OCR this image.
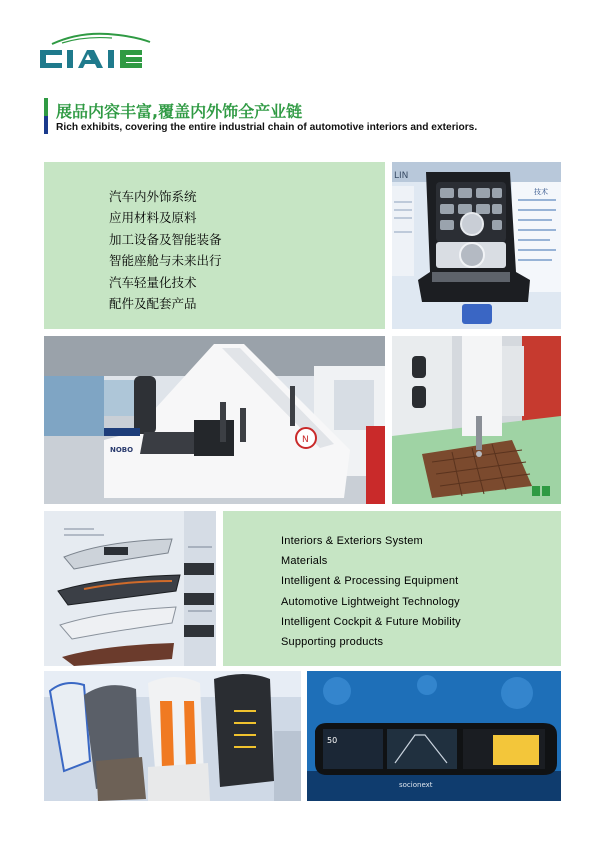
展品内容丰富,覆盖内外饰全产业链
Rich exhibits, covering the entire industrial chain of automotive interiors and exteriors.
汽车内外饰系统
应用材料及原料
加工设备及智能装备
智能座舱与未来出行
汽车轻量化技术
配件及配套产品
LIN
技术
N
NOBO
Interiors & Exteriors System
Materials
Intelligent & Processing Equipment
Automotive Lightweight Technology
Intelligent Cockpit & Future Mobility
Supporting products
50
socionext
